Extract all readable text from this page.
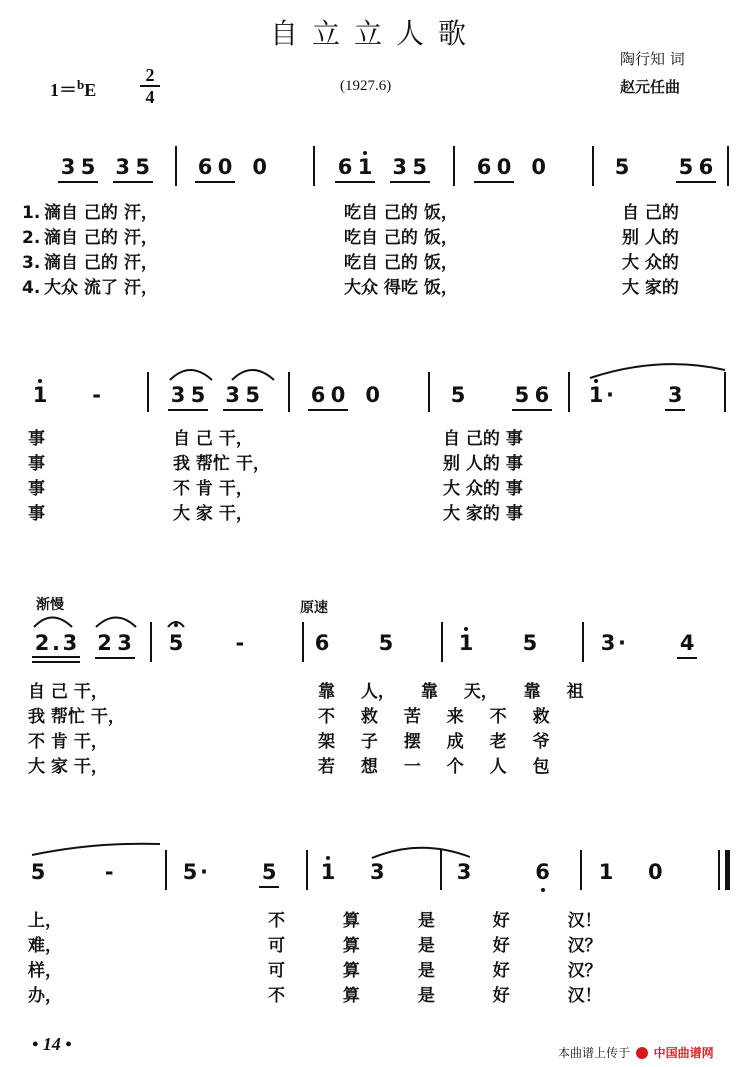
自立立人歌
陶行知 词
1＝$^b$E
2
4
(1927.6)	赵元任曲
3 5 3 5 6 0 0	6 1 3 5 6 0 0	5 5 6
1. 滴自 己的 汗，	吃自 己的 饭，	自 己的
2. 滴自 己的 汗，	吃自 己的 饭，	别 人的
3. 滴自 己的 汗，	吃自 己的 饭，	大 众的
4. 大众 流了 汗，	大众 得吃 饭，	大 家的
1 -	3 5 3 5 6 0 0	5 5 6 1 ·       3
事	自 己 干，	自 己的 事
事	我 帮忙 干，	别 人的 事
事	不 肯 干，	大 众的 事
事	大 家 干，	大 家的 事
渐慢	原速
2 . 3 2 3 5 -	6 5	1 5	3 ·       4
自 己 干，	靠 人， 靠 天， 靠 祖
我 帮忙 干，	不 救 苦 来 不 救
不 肯 干，	架 子 摆 成 老 爷
大 家 干，	若 想 一 个 人 包
5	-	5 ·       5 1 3	3	6 1 0
上，	不 算 是 好 汉！
难，	可 算 是 好 汉？
样，	可 算 是 好 汉？
办，	不 算 是 好 汉！
• 14 •	本曲谱上传于 中国曲谱网
